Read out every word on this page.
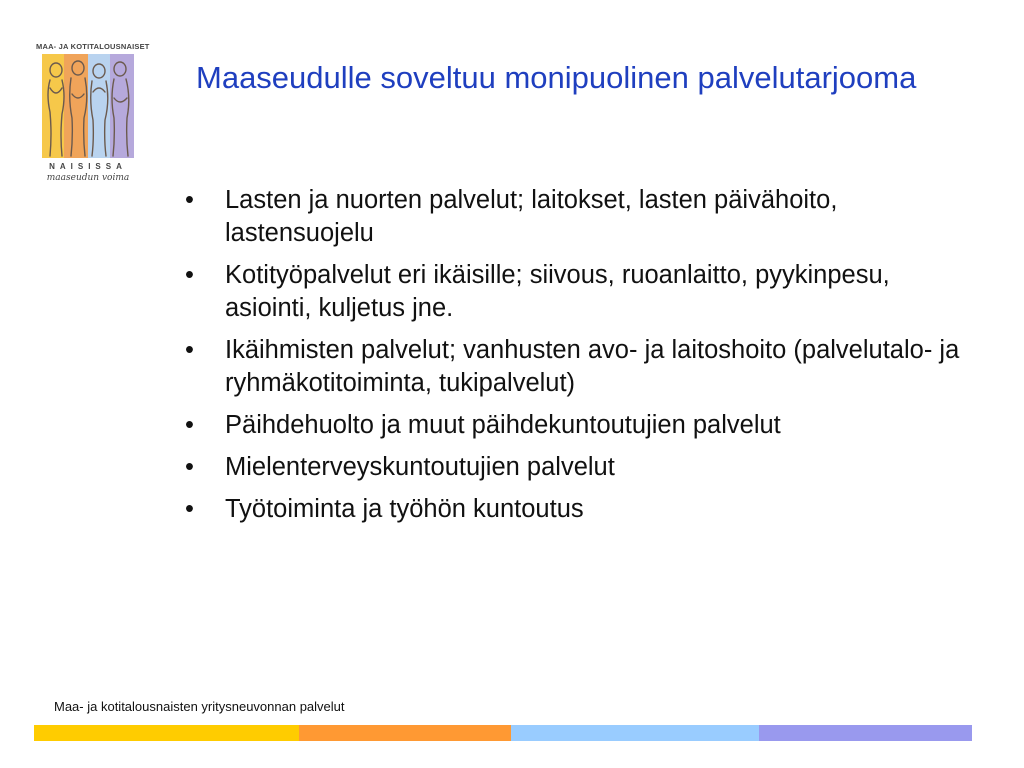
MAA- JA KOTITALOUSNAISET
NAISISSA
maaseudun voima
Maaseudulle soveltuu monipuolinen palvelutarjooma
• Lasten ja nuorten palvelut; laitokset, lasten päivähoito, lastensuojelu
• Kotityöpalvelut eri ikäisille; siivous, ruoanlaitto, pyykinpesu, asiointi, kuljetus jne.
• Ikäihmisten palvelut; vanhusten avo- ja laitoshoito (palvelutalo- ja ryhmäkotitoiminta, tukipalvelut)
• Päihdehuolto ja muut päihdekuntoutujien palvelut
• Mielenterveyskuntoutujien palvelut
• Työtoiminta ja työhön kuntoutus
Maa- ja kotitalousnaisten yritysneuvonnan palvelut
